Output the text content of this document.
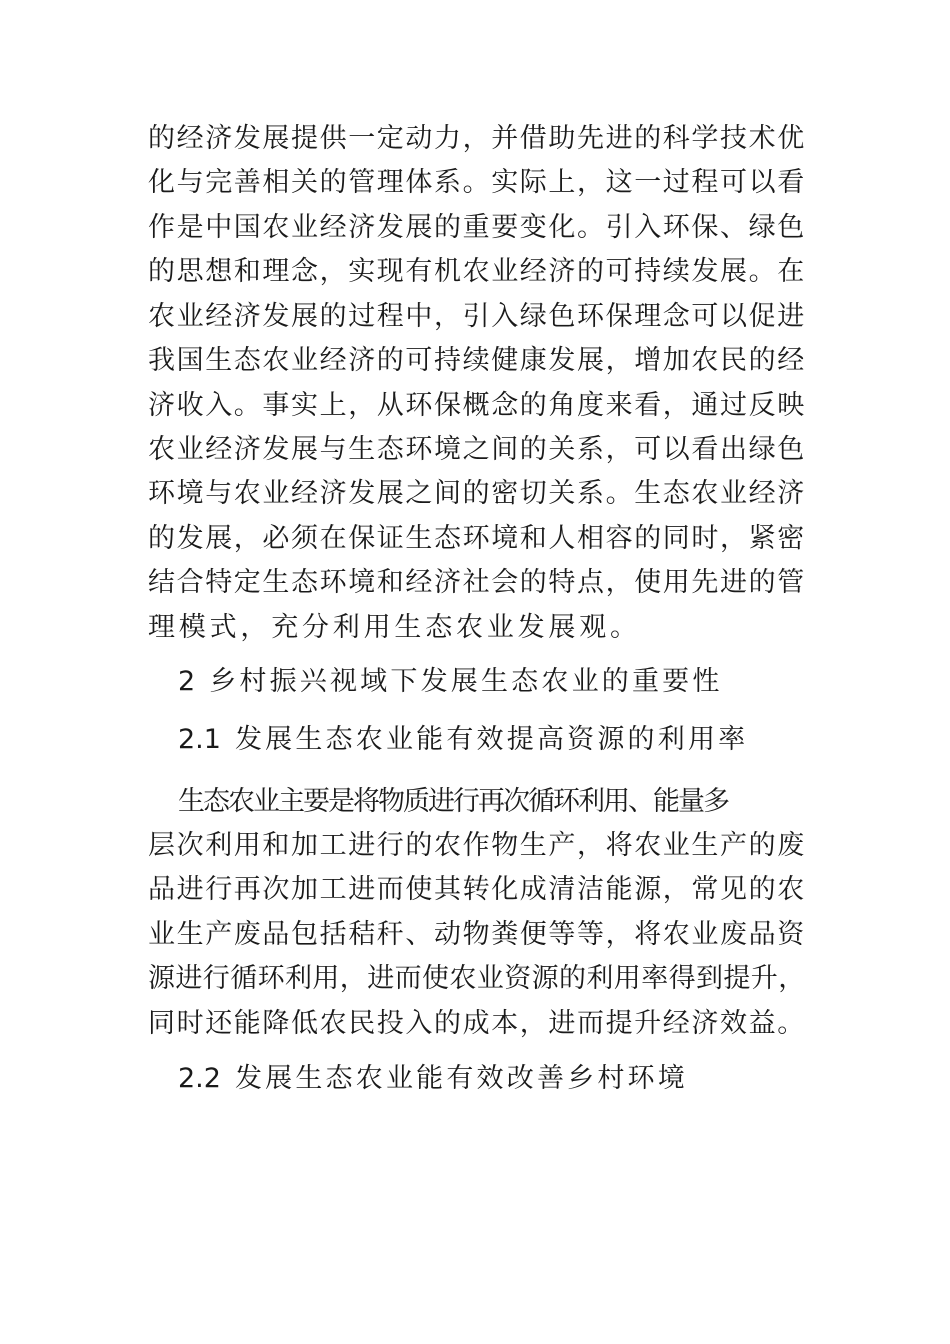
的经济发展提供一定动力，并借助先进的科学技术优
化与完善相关的管理体系。实际上，这一过程可以看
作是中国农业经济发展的重要变化。引入环保、绿色
的思想和理念，实现有机农业经济的可持续发展。在
农业经济发展的过程中，引入绿色环保理念可以促进
我国生态农业经济的可持续健康发展，增加农民的经
济收入。事实上，从环保概念的角度来看，通过反映
农业经济发展与生态环境之间的关系，可以看出绿色
环境与农业经济发展之间的密切关系。生态农业经济
的发展，必须在保证生态环境和人相容的同时，紧密
结合特定生态环境和经济社会的特点，使用先进的管
理模式，充分利用生态农业发展观。
2 乡村振兴视域下发展生态农业的重要性
2.1 发展生态农业能有效提高资源的利用率
生态农业主要是将物质进行再次循环利用、能量多
层次利用和加工进行的农作物生产，将农业生产的废
品进行再次加工进而使其转化成清洁能源，常见的农
业生产废品包括秸秆、动物粪便等等，将农业废品资
源进行循环利用，进而使农业资源的利用率得到提升，
同时还能降低农民投入的成本，进而提升经济效益。
2.2 发展生态农业能有效改善乡村环境
